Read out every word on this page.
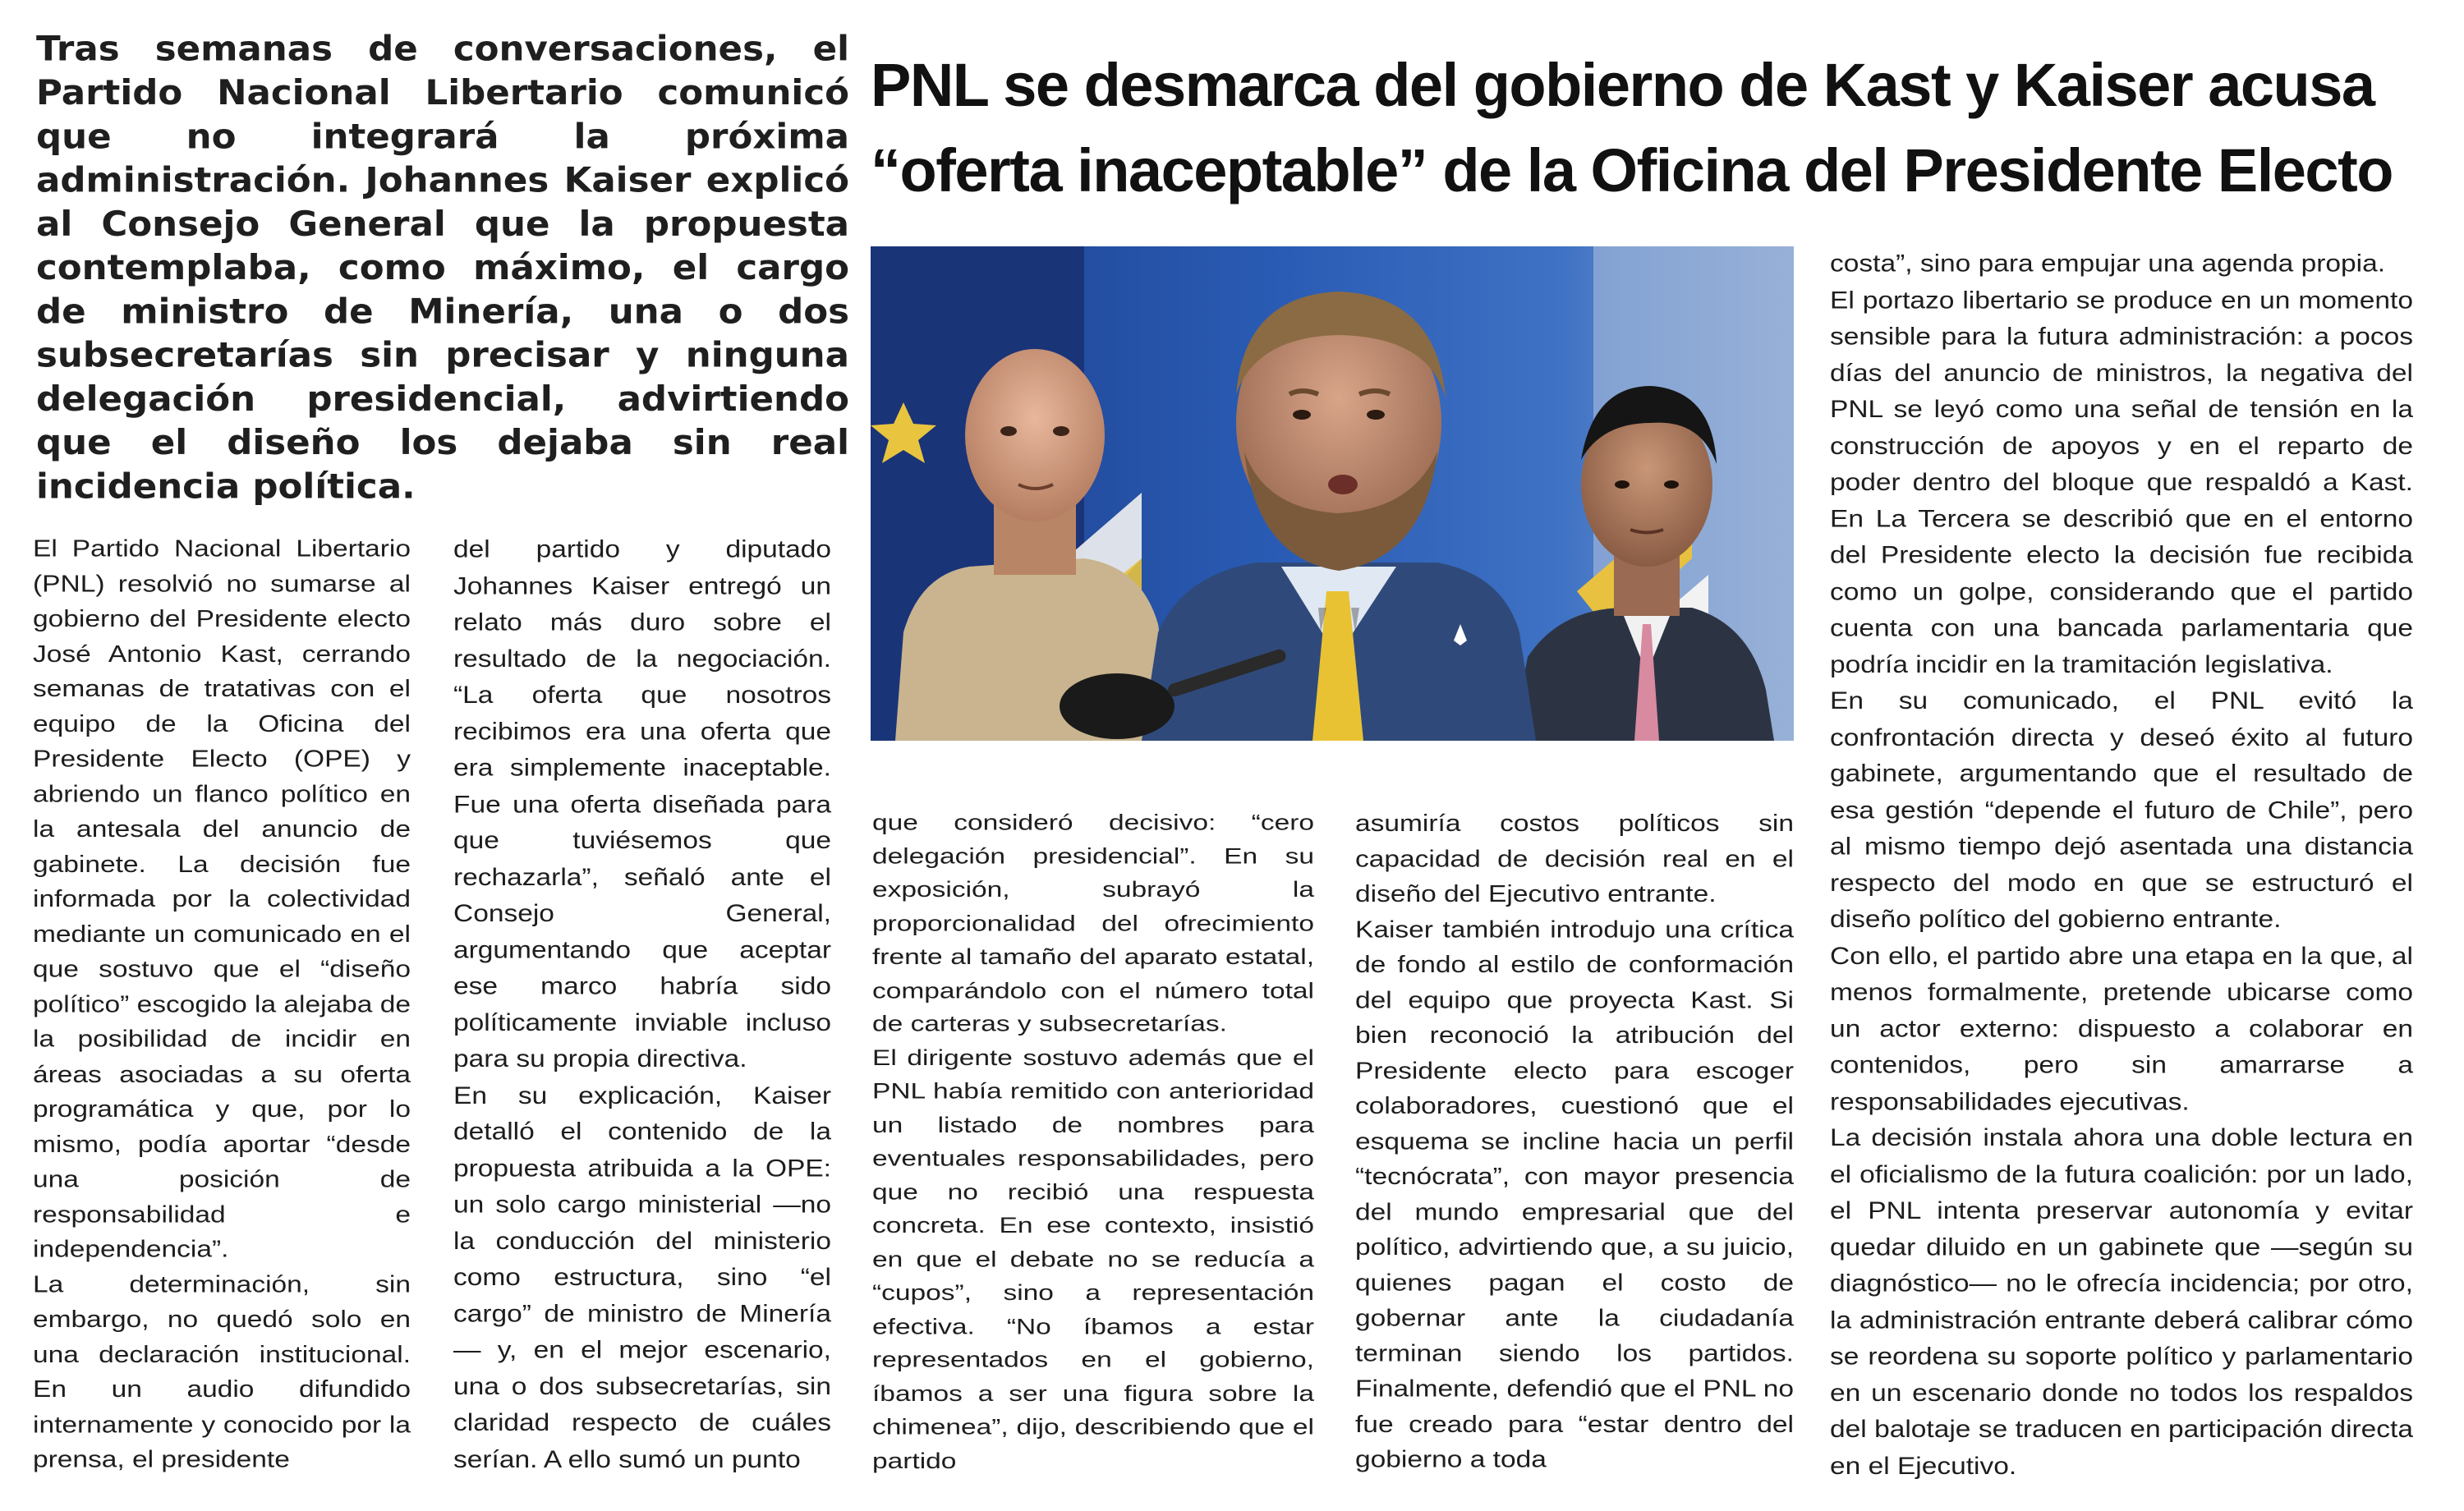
Tras semanas de conversaciones, el Partido Nacional Libertario comunicó que no integrará la próxima administración. Johannes Kaiser explicó al Consejo General que la propuesta contemplaba, como máximo, el cargo de ministro de Minería, una o dos subsecretarías sin precisar y ninguna delegación presidencial, advirtiendo que el diseño los dejaba sin real incidencia política.

PNL se desmarca del gobierno de Kast y Kaiser acusa
“oferta inaceptable” de la Oficina del Presidente Electo

El Partido Nacional Libertario (PNL) resolvió no sumarse al gobierno del Presidente electo José Antonio Kast, cerrando semanas de tratativas con el equipo de la Oficina del Presidente Electo (OPE) y abriendo un flanco político en la antesala del anuncio de gabinete. La decisión fue informada por la colectividad mediante un comunicado en el que sostuvo que el “diseño político” escogido la alejaba de la posibilidad de incidir en áreas asociadas a su oferta programática y que, por lo mismo, podía aportar “desde una posición de responsabilidad e independencia”.

La determinación, sin embargo, no quedó solo en una declaración institucional. En un audio difundido internamente y conocido por la prensa, el presidente

del partido y diputado Johannes Kaiser entregó un relato más duro sobre el resultado de la negociación. “La oferta que nosotros recibimos era una oferta que era simplemente inaceptable. Fue una oferta diseñada para que tuviésemos que rechazarla”, señaló ante el Consejo General, argumentando que aceptar ese marco habría sido políticamente inviable incluso para su propia directiva.

En su explicación, Kaiser detalló el contenido de la propuesta atribuida a la OPE: un solo cargo ministerial —no la conducción del ministerio como estructura, sino “el cargo” de ministro de Minería— y, en el mejor escenario, una o dos subsecretarías, sin claridad respecto de cuáles serían. A ello sumó un punto

que consideró decisivo: “cero delegación presidencial”. En su exposición, subrayó la proporcionalidad del ofrecimiento frente al tamaño del aparato estatal, comparándolo con el número total de carteras y subsecretarías.

El dirigente sostuvo además que el PNL había remitido con anterioridad un listado de nombres para eventuales responsabilidades, pero que no recibió una respuesta concreta. En ese contexto, insistió en que el debate no se reducía a “cupos”, sino a representación efectiva. “No íbamos a estar representados en el gobierno, íbamos a ser una figura sobre la chimenea”, dijo, describiendo que el partido

asumiría costos políticos sin capacidad de decisión real en el diseño del Ejecutivo entrante.

Kaiser también introdujo una crítica de fondo al estilo de conformación del equipo que proyecta Kast. Si bien reconoció la atribución del Presidente electo para escoger colaboradores, cuestionó que el esquema se incline hacia un perfil “tecnócrata”, con mayor presencia del mundo empresarial que del político, advirtiendo que, a su juicio, quienes pagan el costo de gobernar ante la ciudadanía terminan siendo los partidos. Finalmente, defendió que el PNL no fue creado para “estar dentro del gobierno a toda

costa”, sino para empujar una agenda propia.

El portazo libertario se produce en un momento sensible para la futura administración: a pocos días del anuncio de ministros, la negativa del PNL se leyó como una señal de tensión en la construcción de apoyos y en el reparto de poder dentro del bloque que respaldó a Kast. En La Tercera se describió que en el entorno del Presidente electo la decisión fue recibida como un golpe, considerando que el partido cuenta con una bancada parlamentaria que podría incidir en la tramitación legislativa.

En su comunicado, el PNL evitó la confrontación directa y deseó éxito al futuro gabinete, argumentando que el resultado de esa gestión “depende el futuro de Chile”, pero al mismo tiempo dejó asentada una distancia respecto del modo en que se estructuró el diseño político del gobierno entrante.

Con ello, el partido abre una etapa en la que, al menos formalmente, pretende ubicarse como un actor externo: dispuesto a colaborar en contenidos, pero sin amarrarse a responsabilidades ejecutivas.

La decisión instala ahora una doble lectura en el oficialismo de la futura coalición: por un lado, el PNL intenta preservar autonomía y evitar quedar diluido en un gabinete que —según su diagnóstico— no le ofrecía incidencia; por otro, la administración entrante deberá calibrar cómo se reordena su soporte político y parlamentario en un escenario donde no todos los respaldos del balotaje se traducen en participación directa en el Ejecutivo.
